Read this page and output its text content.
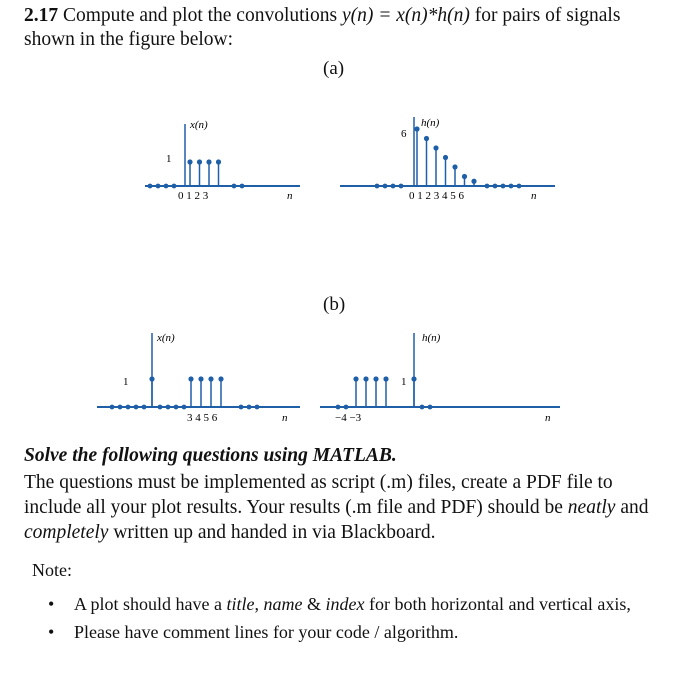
2.17 Compute and plot the convolutions y(n) = x(n)*h(n) for pairs of signals shown in the figure below:
(a)
(b)
x(n)
1
0 1 2 3	n
h(n)
6
0 1 2 3 4 5 6	n
x(n)
1
3 4 5 6	n
h(n)
1
−4 −3	n
Solve the following questions using MATLAB.
The questions must be implemented as script (.m) files, create a PDF file to include all your plot results. Your results (.m file and PDF) should be neatly and completely written up and handed in via Blackboard.
Note:
• A plot should have a title, name & index for both horizontal and vertical axis,
• Please have comment lines for your code / algorithm.
